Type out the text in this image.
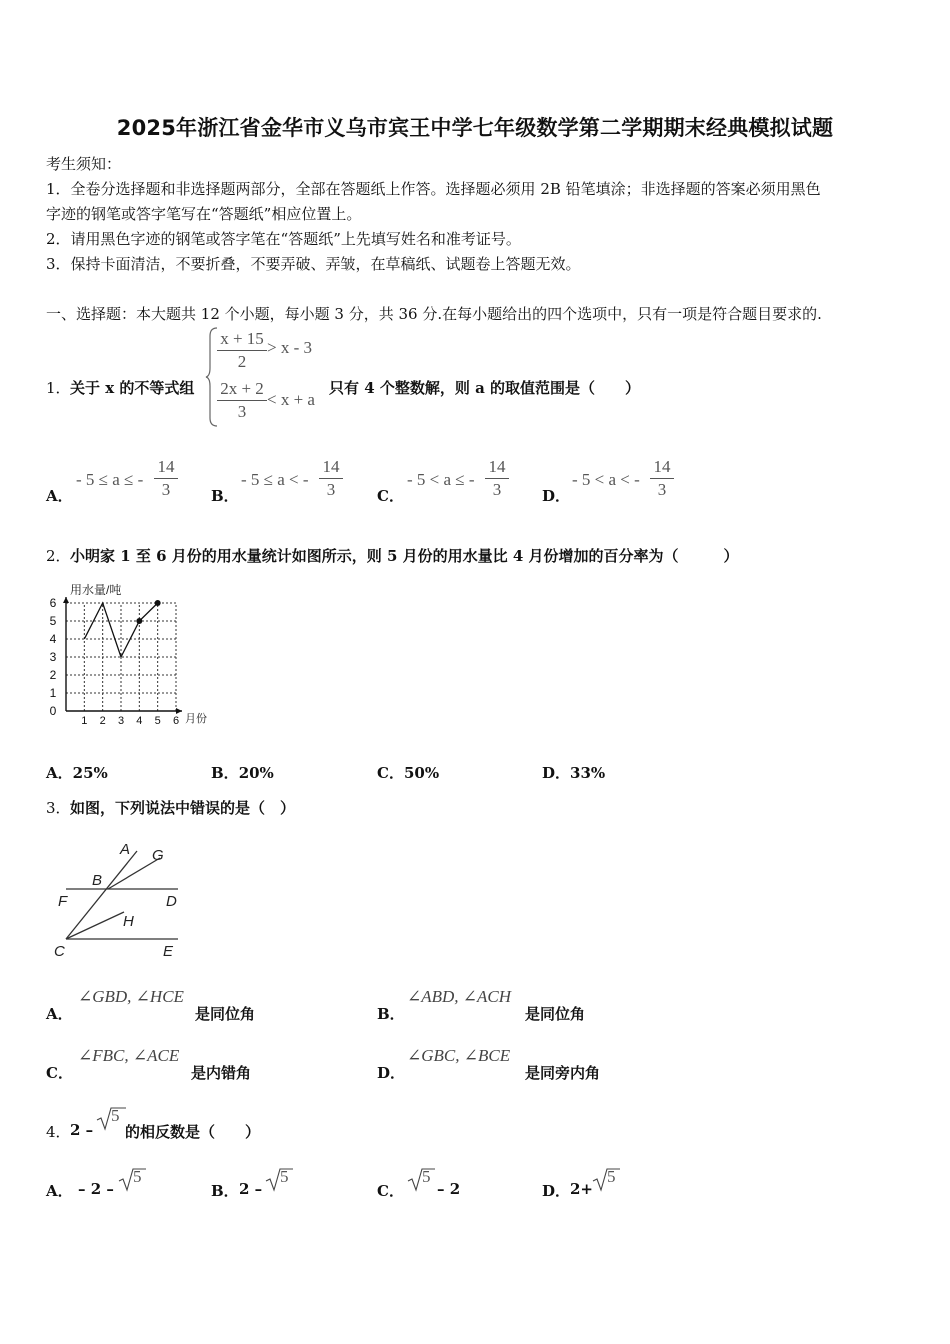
2025年浙江省金华市义乌市宾王中学七年级数学第二学期期末经典模拟试题
考生须知：
1．全卷分选择题和非选择题两部分，全部在答题纸上作答。选择题必须用 2B 铅笔填涂；非选择题的答案必须用黑色
字迹的钢笔或答字笔写在“答题纸”相应位置上。
2．请用黑色字迹的钢笔或答字笔在“答题纸”上先填写姓名和准考证号。
3．保持卡面清洁，不要折叠，不要弄破、弄皱，在草稿纸、试题卷上答题无效。
一、选择题：本大题共 12 个小题，每小题 3 分，共 36 分.在每小题给出的四个选项中，只有一项是符合题目要求的.
1． 关于 x 的不等式组
$\frac{x + 15}{2} > x - 3$
$\frac{2x + 2}{3} < x + a$
只有 4 个整数解，则 a 的取值范围是（　　）
A．
- 5 ≤ a ≤ - $\frac{14}{3}$ B．
- 5 ≤ a < - $\frac{14}{3}$ C．
- 5 < a ≤ - $\frac{14}{3}$ D．
- 5 < a < - $\frac{14}{3}$
2． 小明家 1 至 6 月份的用水量统计如图所示，则 5 月份的用水量比 4 月份增加的百分率为（　　　）
0
1
2
3
4
5
6
1 2 3 4 5 6
用水量/吨
月份
A．25%	B．20%	C．50%	D．33%
3． 如图，下列说法中错误的是（　）
A G
B
F	D
H
C	E
A．
∠GBD, ∠HCE
是同位角	B．
∠ABD, ∠ACH
是同位角
C．
∠FBC, ∠ACE
是内错角	D．
∠GBC, ∠BCE
是同旁内角
4． 2 –
5
的相反数是（　　）
A． – 2 –
5
B． 2 –
5
C．
5
– 2	D． 2+
5
